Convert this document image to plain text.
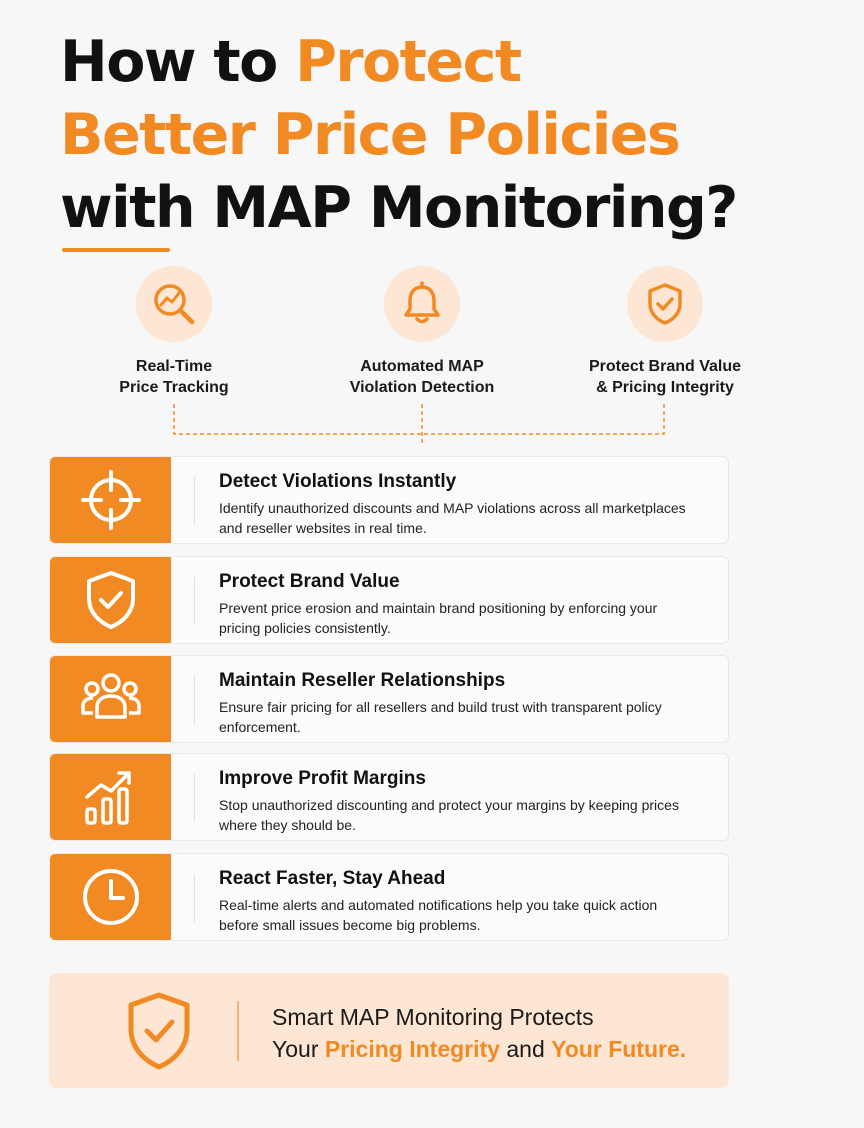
How to Protect
Better Price Policies
with MAP Monitoring?
Real-Time
Price Tracking
Automated MAP
Violation Detection
Protect Brand Value
& Pricing Integrity
Detect Violations Instantly
Identify unauthorized discounts and MAP violations across all marketplaces and reseller websites in real time.
Protect Brand Value
Prevent price erosion and maintain brand positioning by enforcing your pricing policies consistently.
Maintain Reseller Relationships
Ensure fair pricing for all resellers and build trust with transparent policy enforcement.
Improve Profit Margins
Stop unauthorized discounting and protect your margins by keeping prices where they should be.
React Faster, Stay Ahead
Real-time alerts and automated notifications help you take quick action before small issues become big problems.
Smart MAP Monitoring Protects
Your Pricing Integrity and Your Future.
